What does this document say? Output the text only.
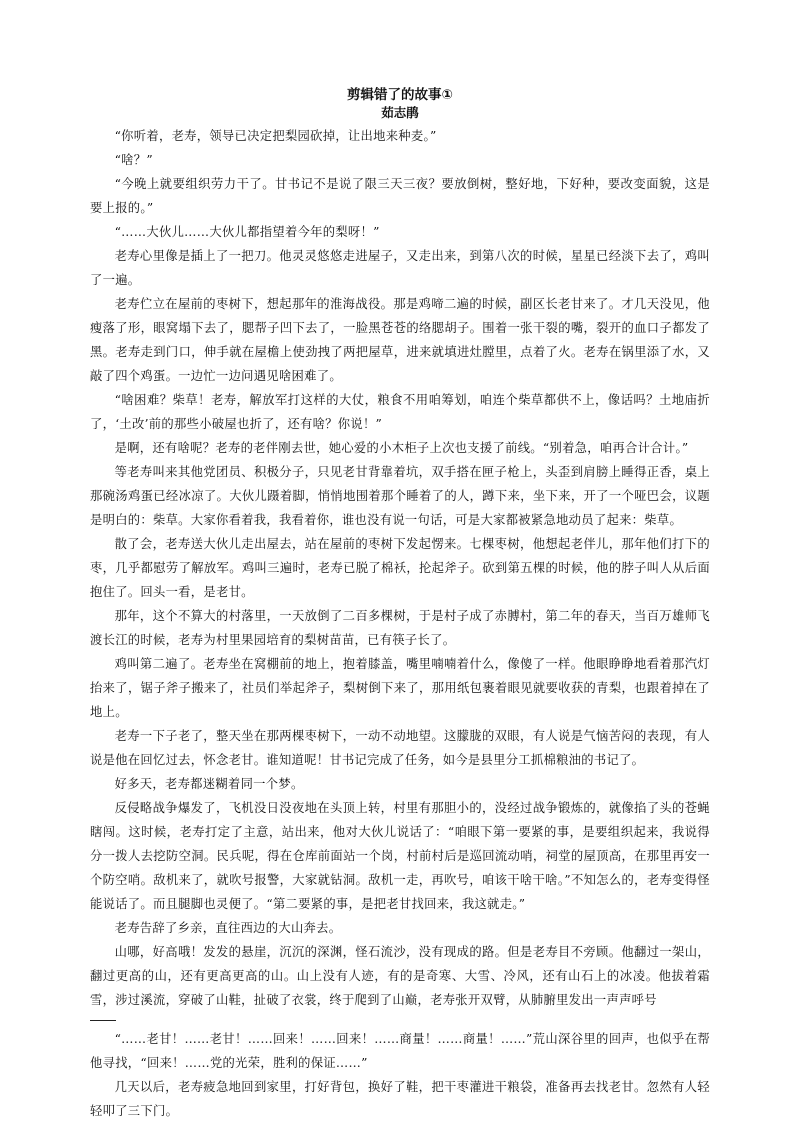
剪辑错了的故事①

茹志鹃

“你听着，老寿，领导已决定把梨园砍掉，让出地来种麦。”

“啥？”

“今晚上就要组织劳力干了。甘书记不是说了限三天三夜？要放倒树，整好地，下好种，要改变面貌，这是要上报的。”

“……大伙儿……大伙儿都指望着今年的梨呀！”

老寿心里像是插上了一把刀。他灵灵悠悠走进屋子，又走出来，到第八次的时候，星星已经淡下去了，鸡叫了一遍。

老寿伫立在屋前的枣树下，想起那年的淮海战役。那是鸡啼二遍的时候，副区长老甘来了。才几天没见，他瘦落了形，眼窝塌下去了，腮帮子凹下去了，一脸黑苍苍的络腮胡子。围着一张干裂的嘴，裂开的血口子都发了黑。老寿走到门口，伸手就在屋檐上使劲拽了两把屋草，进来就填进灶膛里，点着了火。老寿在锅里添了水，又敲了四个鸡蛋。一边忙一边问遇见啥困难了。

“啥困难？柴草！老寿，解放军打这样的大仗，粮食不用咱筹划，咱连个柴草都供不上，像话吗？土地庙折了，‘土改’前的那些小破屋也折了，还有啥？你说！”

是啊，还有啥呢？老寿的老伴刚去世，她心爱的小木柜子上次也支援了前线。“别着急，咱再合计合计。”

等老寿叫来其他党团员、积极分子，只见老甘背靠着坑，双手搭在匣子枪上，头歪到肩膀上睡得正香，桌上那碗汤鸡蛋已经冰凉了。大伙儿蹑着脚，悄悄地围着那个睡着了的人，蹲下来，坐下来，开了一个哑巴会，议题是明白的：柴草。大家你看着我，我看着你，谁也没有说一句话，可是大家都被紧急地动员了起来：柴草。

散了会，老寿送大伙儿走出屋去，站在屋前的枣树下发起愣来。七棵枣树，他想起老伴儿，那年他们打下的枣，几乎都慰劳了解放军。鸡叫三遍时，老寿已脱了棉袄，抡起斧子。砍到第五棵的时候，他的脖子叫人从后面抱住了。回头一看，是老甘。

那年，这个不算大的村落里，一天放倒了二百多棵树，于是村子成了赤膊村，第二年的春天，当百万雄师飞渡长江的时候，老寿为村里果园培育的梨树苗苗，已有筷子长了。

鸡叫第二遍了。老寿坐在窝棚前的地上，抱着膝盖，嘴里喃喃着什么，像傻了一样。他眼睁睁地看着那汽灯抬来了，锯子斧子搬来了，社员们举起斧子，梨树倒下来了，那用纸包裹着眼见就要收获的青梨，也跟着掉在了地上。

老寿一下子老了，整天坐在那两棵枣树下，一动不动地望。这朦胧的双眼，有人说是气恼苦闷的表现，有人说是他在回忆过去，怀念老甘。谁知道呢！甘书记完成了任务，如今是县里分工抓棉粮油的书记了。

好多天，老寿都迷糊着同一个梦。

反侵略战争爆发了，飞机没日没夜地在头顶上转，村里有那胆小的，没经过战争锻炼的，就像掐了头的苍蝇瞎闯。这时候，老寿打定了主意，站出来，他对大伙儿说话了：“咱眼下第一要紧的事，是要组织起来，我说得分一拨人去挖防空洞。民兵呢，得在仓库前面站一个岗，村前村后是巡回流动哨，祠堂的屋顶高，在那里再安一个防空哨。敌机来了，就吹号报警，大家就钻洞。敌机一走，再吹号，咱该干啥干啥。”不知怎么的，老寿变得怪能说话了。而且腿脚也灵便了。“第二要紧的事，是把老甘找回来，我这就走。”

老寿告辞了乡亲，直往西边的大山奔去。

山哪，好高哦！发发的悬崖，沉沉的深渊，怪石流沙，没有现成的路。但是老寿目不旁顾。他翻过一架山，翻过更高的山，还有更高更高的山。山上没有人迹，有的是奇寒、大雪、冷风，还有山石上的冰凌。他拔着霜雪，涉过溪流，穿破了山鞋，扯破了衣裳，终于爬到了山巅，老寿张开双臂，从肺腑里发出一声声呼号

“……老甘！……老甘！……回来！……回来！……商量！……商量！……”荒山深谷里的回声，也似乎在帮他寻找，“回来！……党的光荣，胜利的保证……”

几天以后，老寿疲急地回到家里，打好背包，换好了鞋，把干枣灌进干粮袋，准备再去找老甘。忽然有人轻轻叩了三下门。
